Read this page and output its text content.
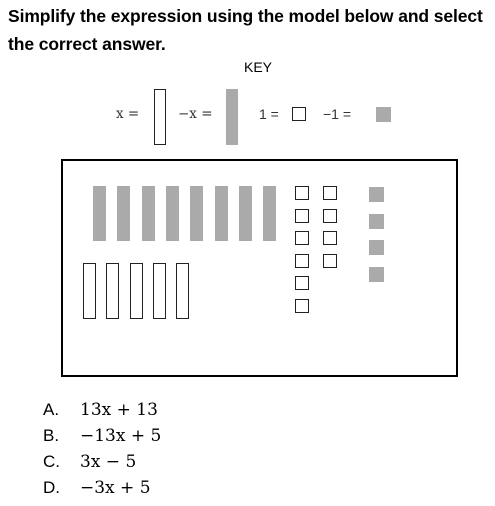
Simplify the expression using the model below and select the correct answer.
KEY
x =	−x =	1 =	−1 =
A. 13x + 13
B. −13x + 5
C. 3x − 5
D. −3x + 5
